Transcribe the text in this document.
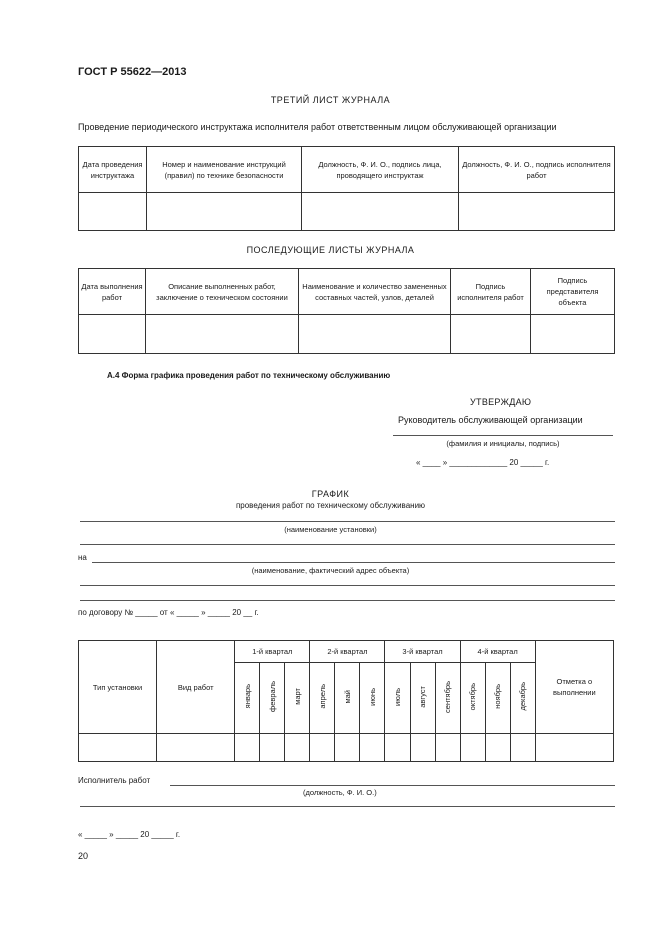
ГОСТ Р 55622—2013
ТРЕТИЙ ЛИСТ ЖУРНАЛА
Проведение периодического инструктажа исполнителя работ ответственным лицом обслуживающей организации
Дата проведения инструктажа	Номер и наименование инструкций (правил) по технике безопасности	Должность, Ф. И. О., подпись лица, проводящего инструктаж	Должность, Ф. И. О., подпись исполнителя работ

ПОСЛЕДУЮЩИЕ ЛИСТЫ ЖУРНАЛА
Дата выполнения работ	Описание выполненных работ, заключение о техническом состоянии	Наименование и количество замененных составных частей, узлов, деталей	Подпись исполнителя работ	Подпись представителя объекта

А.4 Форма графика проведения работ по техническому обслуживанию
УТВЕРЖДАЮ
Руководитель обслуживающей организации
(фамилия и инициалы, подпись)
« ____ » _____________ 20 _____ г.
ГРАФИК
проведения работ по техническому обслуживанию
(наименование установки)
на
(наименование, фактический адрес объекта)
по договору № _____ от « _____ » _____ 20 __ г.
Тип установки	Вид работ	1-й квартал			2-й квартал			3-й квартал			4-й квартал			Отметка о выполнении
		январь	февраль	март	апрель	май	июнь	июль	август	сентябрь	октябрь	ноябрь	декабрь	

Исполнитель работ
(должность, Ф. И. О.)
« _____ » _____ 20 _____ г.
20
